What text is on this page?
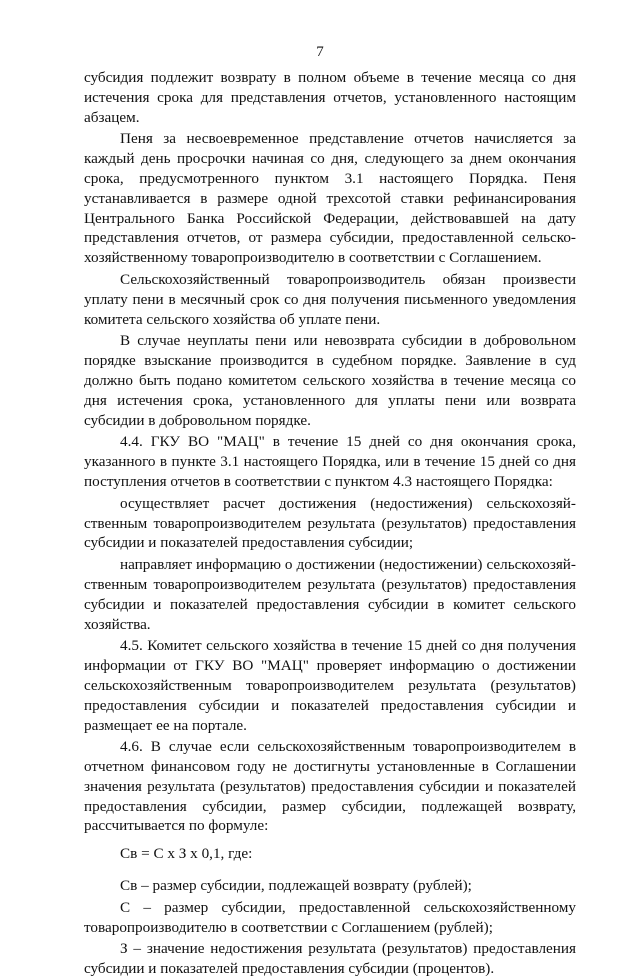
7

субсидия подлежит возврату в полном объеме в течение месяца со дня истечения срока для представления отчетов, установленного настоящим абзацем.

Пеня за несвоевременное представление отчетов начисляется за каждый день просрочки начиная со дня, следующего за днем окончания срока, предусмотренного пунктом 3.1 настоящего Порядка. Пеня устанавливается в размере одной трехсотой ставки рефинансирования Центрального Банка Российской Федерации, действовавшей на дату представления отчетов, от размера субсидии, предоставленной сельско-хозяйственному товаропроизводителю в соответствии с Соглашением.

Сельскохозяйственный товаропроизводитель обязан произвести уплату пени в месячный срок со дня получения письменного уведомления комитета сельского хозяйства об уплате пени.

В случае неуплаты пени или невозврата субсидии в добровольном порядке взыскание производится в судебном порядке. Заявление в суд должно быть подано комитетом сельского хозяйства в течение месяца со дня истечения срока, установленного для уплаты пени или возврата субсидии в добровольном порядке.

4.4. ГКУ ВО "МАЦ" в течение 15 дней со дня окончания срока, указанного в пункте 3.1 настоящего Порядка, или в течение 15 дней со дня поступления отчетов в соответствии с пунктом 4.3 настоящего Порядка:

осуществляет расчет достижения (недостижения) сельскохозяй-ственным товаропроизводителем результата (результатов) предоставления субсидии и показателей предоставления субсидии;

направляет информацию о достижении (недостижении) сельскохозяй-ственным товаропроизводителем результата (результатов) предоставления субсидии и показателей предоставления субсидии в комитет сельского хозяйства.

4.5. Комитет сельского хозяйства в течение 15 дней со дня получения информации от ГКУ ВО "МАЦ" проверяет информацию о достижении сельскохозяйственным товаропроизводителем результата (результатов) предоставления субсидии и показателей предоставления субсидии и размещает ее на портале.

4.6. В случае если сельскохозяйственным товаропроизводителем в отчетном финансовом году не достигнуты установленные в Соглашении значения результата (результатов) предоставления субсидии и показателей предоставления субсидии, размер субсидии, подлежащей возврату, рассчитывается по формуле:

Св = С х З х 0,1, где:

Св – размер субсидии, подлежащей возврату (рублей);

С – размер субсидии, предоставленной сельскохозяйственному товаропроизводителю в соответствии с Соглашением (рублей);

З – значение недостижения результата (результатов) предоставления субсидии и показателей предоставления субсидии (процентов).
